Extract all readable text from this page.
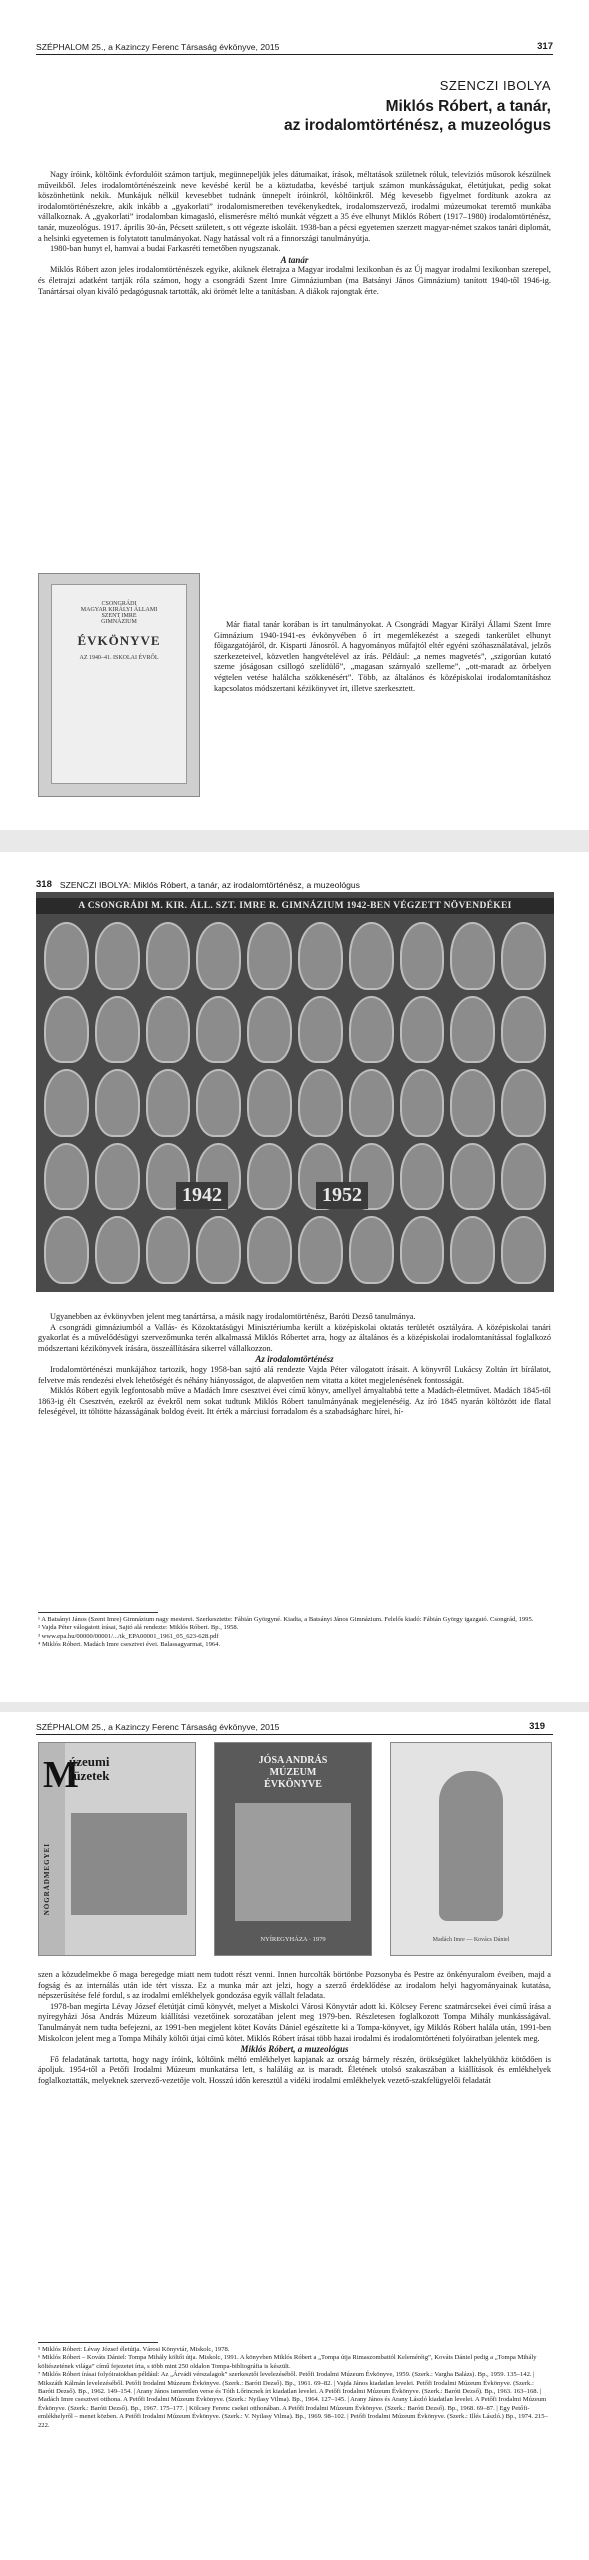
SZÉPHALOM 25., a Kazinczy Ferenc Társaság évkönyve, 2015	317
SZENCZI IBOLYA
Miklós Róbert, a tanár,
az irodalomtörténész, a muzeológus

Nagy íróink, költőink évfordulóit számon tartjuk, megünnepeljük jeles dátumaikat, írások, méltatások születnek róluk, televíziós műsorok készülnek műveikből. Jeles irodalomtörténészeink neve kevésbé kerül be a köztudatba, kevésbé tartjuk számon munkásságukat, életútjukat, pedig sokat köszönhetünk nekik. Munkájuk nélkül kevesebbet tudnánk ünnepelt íróinkról, költőinkről. Még kevesebb figyelmet fordítunk azokra az irodalomtörténészekre, akik inkább a „gyakorlati” irodalomismeretben tevékenykedtek, irodalomszervező, irodalmi múzeumokat teremtő munkába vállalkoznak. A „gyakorlati” irodalomban kimagasló, elismerésre méltó munkát végzett a 35 éve elhunyt Miklós Róbert (1917–1980) irodalomtörténész, tanár, muzeológus. 1917. április 30-án, Pécsett született, s ott végezte iskoláit. 1938-ban a pécsi egyetemen szerzett magyar-német szakos tanári diplomát, a helsinki egyetemen is folytatott tanulmányokat. Nagy hatással volt rá a finnországi tanulmányútja.

1980-ban hunyt el, hamvai a budai Farkasréti temetőben nyugszanak.

A tanár

Miklós Róbert azon jeles irodalomtörténészek egyike, akiknek életrajza a Magyar irodalmi lexikonban és az Új magyar irodalmi lexikonban szerepel, és életrajzi adatként tartják róla számon, hogy a csongrádi Szent Imre Gimnáziumban (ma Batsányi János Gimnázium) tanított 1940-től 1946-ig. Tanártársai olyan kiváló pedagógusnak tartották, aki örömét lelte a tanításban. A diákok rajongtak érte.

CSONGRÁDI
MAGYAR KIRÁLYI ÁLLAMI
SZENT IMRE
GIMNÁZIUM
ÉVKÖNYVE
AZ 1940–41. ISKOLAI ÉVRŐL

Már fiatal tanár korában is írt tanulmányokat. A Csongrádi Magyar Királyi Állami Szent Imre Gimnázium 1940-1941-es évkönyvében ő írt megemlékezést a szegedi tankerület elhunyt főigazgatójáról, dr. Kisparti Jánosról. A hagyományos műfajtól eltér egyéni szóhasználatával, jelzős szerkezeteivel, közvetlen hangvételével az írás. Például: „a nemes magvetés”, „szigorúan kutató szeme jóságosan csillogó szelídülő”, „magasan szárnyaló szelleme”, „ott-maradt az örbelyen végtelen vetése halálcha szökkenésért”. Több, az általános és középiskolai irodalomtanításhoz kapcsolatos módszertani kézikönyvet írt, illetve szerkesztett.

318 SZENCZI IBOLYA: Miklós Róbert, a tanár, az irodalomtörténész, a muzeológus
A CSONGRÁDI M. KIR. ÁLL. SZT. IMRE R. GIMNÁZIUM 1942-BEN VÉGZETT NÖVENDÉKEI
1942	1952

Ugyanebben az évkönyvben jelent meg tanártársa, a másik nagy irodalomtörténész, Baróti Dezső tanulmánya.

A csongrádi gimnáziumból a Vallás- és Közoktatásügyi Minisztériumba került a középiskolai oktatás területét osztályára. A középiskolai tanári gyakorlat és a művelődésügyi szervezőmunka terén alkalmassá Miklós Róbertet arra, hogy az általános és a középiskolai irodalomtanítással foglalkozó módszertani kézikönyvek írására, összeállítására sikerrel vállalkozzon.

Az irodalomtörténész

Irodalomtörténészi munkájához tartozik, hogy 1958-ban sajtó alá rendezte Vajda Péter válogatott írásait. A könyvről Lukácsy Zoltán írt bírálatot, felvetve más rendezési elvek lehetőségét és néhány hiányosságot, de alapvetően nem vitatta a kötet megjelenésének fontosságát.

Miklós Róbert egyik legfontosabb műve a Madách Imre csesztvei évei című könyv, amellyel árnyaltabbá tette a Madách-életművet. Madách 1845-től 1863-ig élt Csesztvén, ezekről az évekről nem sokat tudtunk Miklós Róbert tanulmányának megjelenéséig. Az író 1845 nyarán költözött ide flatal feleségével, itt töltötte házasságának boldog éveit. Itt érték a márciusi forradalom és a szabadságharc hírei, hí-

¹ A Batsányi János (Szent Imre) Gimnázium nagy mesterei. Szerkesztette: Fábián Györgyné. Kiadta, a Batsányi János Gimnázium. Felelős kiadó: Fábián György igazgató. Csongrád, 1995.
² Vajda Péter válogatott írásai, Sajtó alá rendezte: Miklós Róbert. Bp., 1958.
³ www.epa.hu/00000/00001/.../tk_EPA00001_1961_05_623-628.pdf
⁴ Miklós Róbert. Madách Imre csesztvei évei. Balassagyarmat, 1964.
SZÉPHALOM 25., a Kazinczy Ferenc Társaság évkönyve, 2015	319
M
úzeumi
füzetek
NÓGRÁDMEGYEI
JÓSA ANDRÁS
MÚZEUM
ÉVKÖNYVE
NYÍREGYHÁZA · 1979	Madách Imre — Kovács Dániel

szen a közudelmekbe ő maga beregedge miatt nem tudott részt venni. Innen hurcolták börtönbe Pozsonyba és Pestre az önkényuralom éveiben, majd a fogság és az internálás után ide tért vissza. Ez a munka már azt jelzi, hogy a szerző érdeklődése az irodalom helyi hagyományainak kutatása, népszerűsítése felé fordul, s az irodalmi emlékhelyek gondozása egyik vállalt feladata.

1978-ban megírta Lévay József életútját című könyvét, melyet a Miskolci Városi Könyvtár adott ki. Kölcsey Ferenc szatmárcsekei évei című írása a nyíregyházi Jósa András Múzeum kiállítási vezetőinek sorozatában jelent meg 1979-ben. Részletesen foglalkozott Tompa Mihály munkásságával. Tanulmányát nem tudta befejezni, az 1991-ben megjelent kötet Kováts Dániel egészítette ki a Tompa-könyvet, így Miklós Róbert halála után, 1991-ben Miskolcon jelent meg a Tompa Mihály költői útjai című kötet. Miklós Róbert írásai több hazai irodalmi és irodalomtörténeti folyóiratban jelentek meg.

Miklós Róbert, a muzeológus

Fő feladatának tartotta, hogy nagy íróink, költőink méltó emlékhelyet kapjanak az ország bármely részén, örökségüket lakhelyükhöz kötődően is ápoljuk. 1954-től a Petőfi Irodalmi Múzeum munkatársa lett, s haláláig az is maradt. Életének utolsó szakaszában a kiállítások és emlékhelyek foglalkoztatták, melyeknek szervező-vezetője volt. Hosszú időn keresztül a vidéki irodalmi emlékhelyek vezető-szakfelügyelői feladatát

⁵ Miklós Róbert: Lévay József életútja. Városi Könyvtár, Miskolc, 1978.
⁶ Miklós Róbert – Kováts Dániel: Tompa Mihály költői útja. Miskolc, 1991. A könyvben Miklós Róbert a „Tompa útja Rimaszombattól Keleméréig”, Kováts Dániel pedig a „Tompa Mihály költészetének világa” című fejezetet írta, s több mint 250 oldalon Tompa-bibliográfia is készült.
⁷ Miklós Róbert írásai folyóiratokban például: Az „Árvádi vérszalagok” szerkesztői levelezéséből. Petőfi Irodalmi Múzeum Évkönyve, 1959. (Szerk.: Vargha Balázs). Bp., 1959. 135–142. | Mikszáth Kálmán levelezéséből. Petőfi Irodalmi Múzeum Évkönyve. (Szerk.: Baróti Dezső). Bp., 1961. 69–82. | Vajda János kiadatlan levelei. Petőfi Irodalmi Múzeum Évkönyve. (Szerk.: Baróti Dezső). Bp., 1962. 149–154. | Arany János ismeretlen verse és Tóth Lőrincnek írt kiadatlan levelei. A Petőfi Irodalmi Múzeum Évkönyve. (Szerk.: Baróti Dezső). Bp., 1963. 163–168. | Madách Imre csesztvei otthona. A Petőfi Irodalmi Múzeum Évkönyve. (Szerk.: Nyilasy Vilma). Bp., 1964. 127–145. | Arany János és Arany László kiadatlan levelei. A Petőfi Irodalmi Múzeum Évkönyve. (Szerk.: Baróti Dezső). Bp., 1967. 175–177. | Kölcsey Ferenc csekei otthonában. A Petőfi Irodalmi Múzeum Évkönyve. (Szerk.: Baróti Dezső). Bp., 1968. 69–87. | Egy Petőfi-emlékhelyről – menet közben. A Petőfi Irodalmi Múzeum Évkönyve. (Szerk.: V. Nyilasy Vilma). Bp., 1969. 98–102. | Petőfi Irodalmi Múzeum Évkönyve. (Szerk.: Illés László.) Bp., 1974. 215–222.
